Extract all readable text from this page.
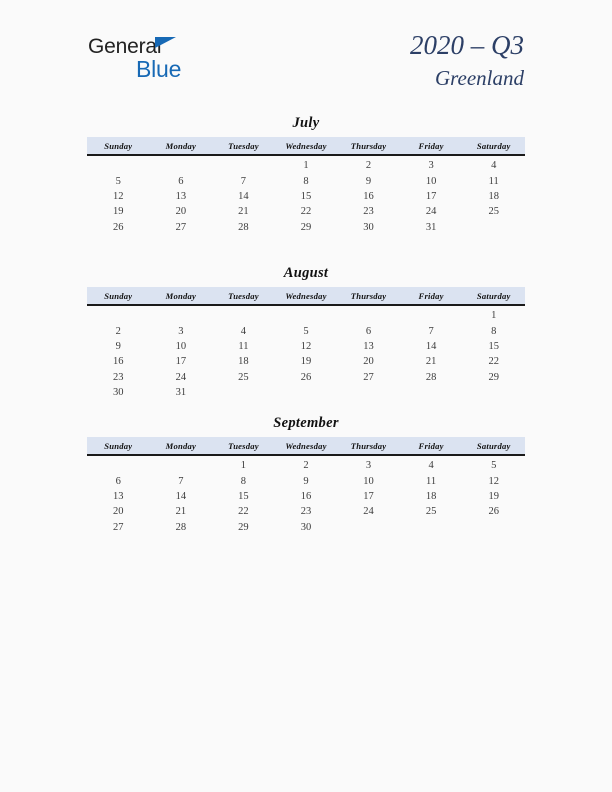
General
Blue
2020 – Q3
Greenland
July
Sunday	Monday	Tuesday	Wednesday	Thursday	Friday	Saturday
			1	2	3	4
5	6	7	8	9	10	11
12	13	14	15	16	17	18
19	20	21	22	23	24	25
26	27	28	29	30	31	
August
Sunday	Monday	Tuesday	Wednesday	Thursday	Friday	Saturday
						1
2	3	4	5	6	7	8
9	10	11	12	13	14	15
16	17	18	19	20	21	22
23	24	25	26	27	28	29
30	31					
September
Sunday	Monday	Tuesday	Wednesday	Thursday	Friday	Saturday
		1	2	3	4	5
6	7	8	9	10	11	12
13	14	15	16	17	18	19
20	21	22	23	24	25	26
27	28	29	30			
